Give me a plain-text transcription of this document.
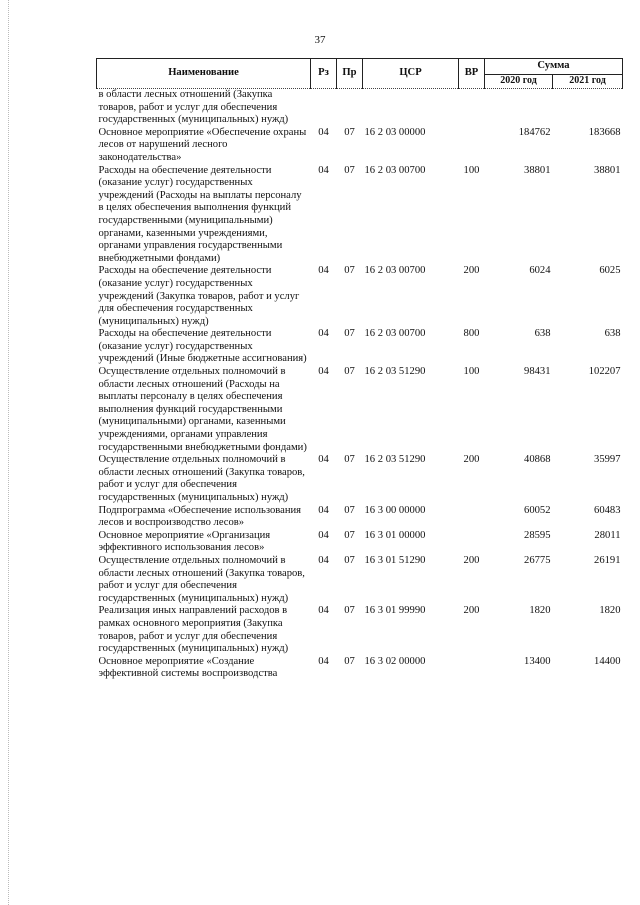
37
Наименование	Рз	Пр	ЦСР	ВР	Сумма	
					2020 год	2021 год
в области лесных отношений (Закупка товаров, работ и услуг для обеспечения государственных (муниципальных) нужд)						
Основное мероприятие «Обеспечение охраны лесов от нарушений лесного законодательства»	04	07	16 2 03 00000		184762	183668
Расходы на обеспечение деятельности (оказание услуг) государственных учреждений (Расходы на выплаты персоналу в целях обеспечения выполнения функций государственными (муниципальными) органами, казенными учреждениями, органами управления государственными внебюджетными фондами)	04	07	16 2 03 00700	100	38801	38801
Расходы на обеспечение деятельности (оказание услуг) государственных учреждений (Закупка товаров, работ и услуг для обеспечения государственных (муниципальных) нужд)	04	07	16 2 03 00700	200	6024	6025
Расходы на обеспечение деятельности (оказание услуг) государственных учреждений (Иные бюджетные ассигнования)	04	07	16 2 03 00700	800	638	638
Осуществление отдельных полномочий в области лесных отношений (Расходы на выплаты персоналу в целях обеспечения выполнения функций государственными (муниципальными) органами, казенными учреждениями, органами управления государственными внебюджетными фондами)	04	07	16 2 03 51290	100	98431	102207
Осуществление отдельных полномочий в области лесных отношений (Закупка товаров, работ и услуг для обеспечения государственных (муниципальных) нужд)	04	07	16 2 03 51290	200	40868	35997
Подпрограмма «Обеспечение использования лесов и воспроизводство лесов»	04	07	16 3 00 00000		60052	60483
Основное мероприятие «Организация эффективного использования лесов»	04	07	16 3 01 00000		28595	28011
Осуществление отдельных полномочий в области лесных отношений (Закупка товаров, работ и услуг для обеспечения государственных (муниципальных) нужд)	04	07	16 3 01 51290	200	26775	26191
Реализация иных направлений расходов в рамках основного мероприятия (Закупка товаров, работ и услуг для обеспечения государственных (муниципальных) нужд)	04	07	16 3 01 99990	200	1820	1820
Основное мероприятие «Создание эффективной системы воспроизводства	04	07	16 3 02 00000		13400	14400
